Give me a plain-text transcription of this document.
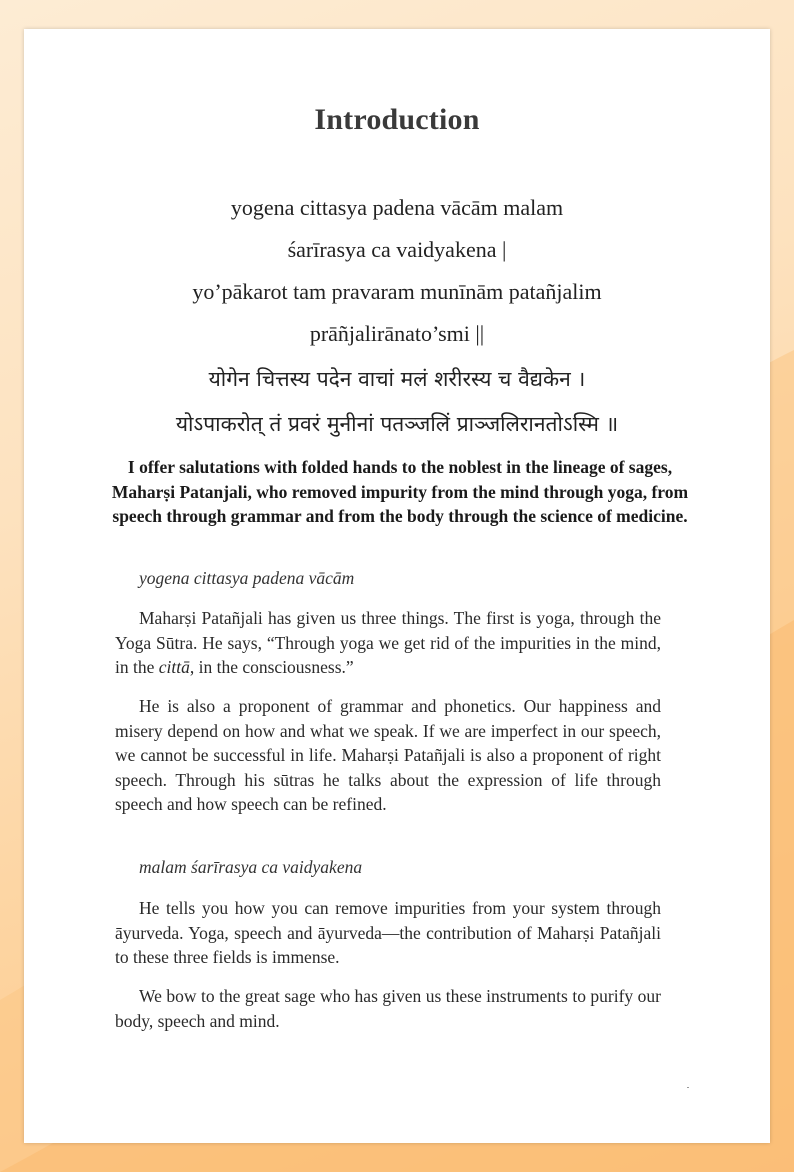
Introduction

yogena cittasya padena vācām malam

śarīrasya ca vaidyakena |

yo’pākarot tam pravaram munīnām patañjalim

prāñjalirānato’smi ||

योगेन चित्तस्य पदेन वाचां मलं शरीरस्य च वैद्यकेन ।

योऽपाकरोत् तं प्रवरं मुनीनां पतञ्जलिं प्राञ्जलिरानतोऽस्मि ॥

I offer salutations with folded hands to the noblest in the lineage of sages, Maharṣi Patanjali, who removed impurity from the mind through yoga, from speech through grammar and from the body through the science of medicine.

yogena cittasya padena vācām

Maharṣi Patañjali has given us three things. The first is yoga, through the Yoga Sūtra. He says, “Through yoga we get rid of the impurities in the mind, in the cittā, in the consciousness.”

He is also a proponent of grammar and phonetics. Our happiness and misery depend on how and what we speak. If we are imperfect in our speech, we cannot be successful in life. Maharṣi Patañjali is also a proponent of right speech. Through his sūtras he talks about the expression of life through speech and how speech can be refined.

malam śarīrasya ca vaidyakena

He tells you how you can remove impurities from your system through āyurveda. Yoga, speech and āyurveda—the contribution of Maharṣi Patañjali to these three fields is immense.

We bow to the great sage who has given us these instruments to purify our body, speech and mind.
